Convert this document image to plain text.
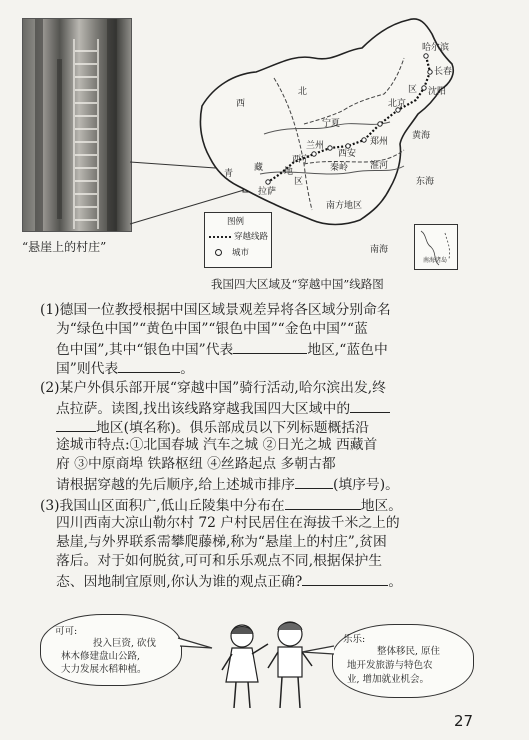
“悬崖上的村庄”
西
北	区
青
藏 地
区
南方地区
哈尔滨
长春
沈阳
北京
宁夏
兰州
西宁
郑州
西安
秦岭 淮河
拉萨
黄海
东海
南海
图例
穿越线路
城市
南海诸岛
我国四大区域及“穿越中国”线路图
(1)德国一位教授根据中国区域景观差异将各区域分别命名
为“绿色中国”“黄色中国”“银色中国”“金色中国”“蓝
色中国”,其中“银色中国”代表	地区,“蓝色中
国”则代表	。
(2)某户外俱乐部开展“穿越中国”骑行活动,哈尔滨出发,终
点拉萨。读图,找出该线路穿越我国四大区域中的
地区(填名称)。俱乐部成员以下列标题概括沿
途城市特点:①北国春城 汽车之城 ②日光之城 西藏首
府 ③中原商埠 铁路枢纽 ④丝路起点 多朝古都
请根据穿越的先后顺序,给上述城市排序	(填序号)。
(3)我国山区面积广,低山丘陵集中分布在	地区。
四川西南大凉山勒尔村 72 户村民居住在海拔千米之上的
悬崖,与外界联系需攀爬藤梯,称为“悬崖上的村庄”,贫困
落后。对于如何脱贫,可可和乐乐观点不同,根据保护生
态、因地制宜原则,你认为谁的观点正确?	。
可可:
投入巨资, 砍伐
林木修建盘山公路,
大力发展水稻种植。
乐乐:
整体移民, 原住
地开发旅游与特色农
业, 增加就业机会。
27
